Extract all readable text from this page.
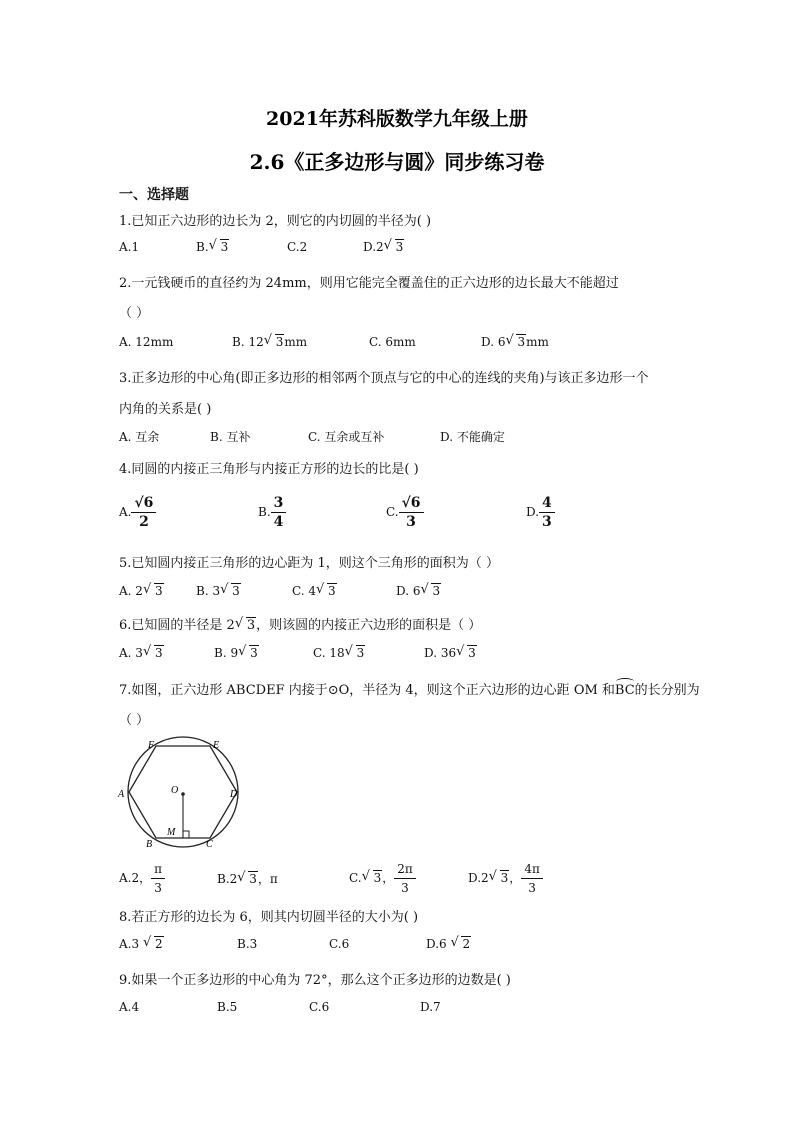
2021年苏科版数学九年级上册
2.6《正多边形与圆》同步练习卷
一、选择题
1.已知正六边形的边长为 2，则它的内切圆的半径为( )
A.1	B. √ 3	C.2	D.2 √ 3
2.一元钱硬币的直径约为 24mm，则用它能完全覆盖住的正六边形的边长最大不能超过
（ ）
A. 12mm	B. 12 √ 3mm	C. 6mm	D. 6 √ 3mm
3.正多边形的中心角(即正多边形的相邻两个顶点与它的中心的连线的夹角)与该正多边形一个
内角的关系是( )
A. 互余	B. 互补	C. 互余或互补	D. 不能确定
4.同圆的内接正三角形与内接正方形的边长的比是( )
A. $\frac{√6}{2}$	B. $\frac{3}{4}$	C. $\frac{√6}{3}$	D. $\frac{4}{3}$
5.已知圆内接正三角形的边心距为 1，则这个三角形的面积为（ ）
A. 2 √ 3	B. 3 √ 3	C. 4 √ 3	D. 6 √ 3
6.已知圆的半径是 2 √ 3，则该圆的内接正六边形的面积是（ ）
A. 3 √ 3	B. 9 √ 3	C. 18 √ 3	D. 36 √ 3
7.如图，正六边形 ABCDEF 内接于⊙O，半径为 4，则这个正六边形的边心距 OM 和BC的长分别为
（ ）
F	E
A	O	D
M
B	C
A.2， $\frac{\pi}{3}$	B.2 √ 3，π	C. √ 3， $\frac{2\pi}{3}$	D.2 √ 3， $\frac{4\pi}{3}$
8.若正方形的边长为 6，则其内切圆半径的大小为( )
A.3 √ 2	B.3	C.6	D.6 √ 2
9.如果一个正多边形的中心角为 72°，那么这个正多边形的边数是( )
A.4	B.5	C.6	D.7
